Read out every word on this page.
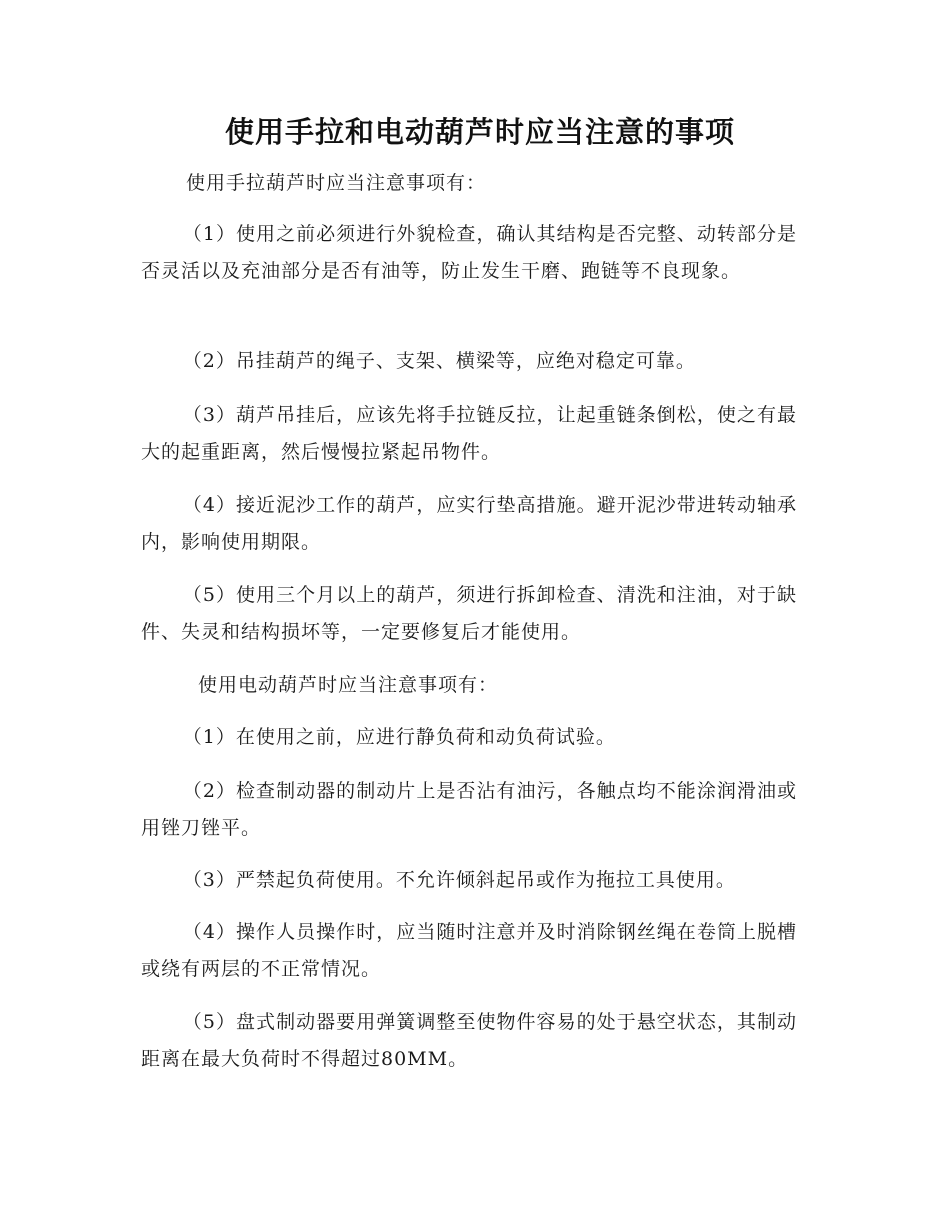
使用手拉和电动葫芦时应当注意的事项

使用手拉葫芦时应当注意事项有：

（1）使用之前必须进行外貌检查，确认其结构是否完整、动转部分是否灵活以及充油部分是否有油等，防止发生干磨、跑链等不良现象。

（2）吊挂葫芦的绳子、支架、横梁等，应绝对稳定可靠。

（3）葫芦吊挂后，应该先将手拉链反拉，让起重链条倒松，使之有最大的起重距离，然后慢慢拉紧起吊物件。

（4）接近泥沙工作的葫芦，应实行垫高措施。避开泥沙带进转动轴承内，影响使用期限。

（5）使用三个月以上的葫芦，须进行拆卸检查、清洗和注油，对于缺件、失灵和结构损坏等，一定要修复后才能使用。

使用电动葫芦时应当注意事项有：

（1）在使用之前，应进行静负荷和动负荷试验。

（2）检查制动器的制动片上是否沾有油污，各触点均不能涂润滑油或用锉刀锉平。

（3）严禁起负荷使用。不允许倾斜起吊或作为拖拉工具使用。

（4）操作人员操作时，应当随时注意并及时消除钢丝绳在卷筒上脱槽或绕有两层的不正常情况。

（5）盘式制动器要用弹簧调整至使物件容易的处于悬空状态，其制动距离在最大负荷时不得超过80MM。
